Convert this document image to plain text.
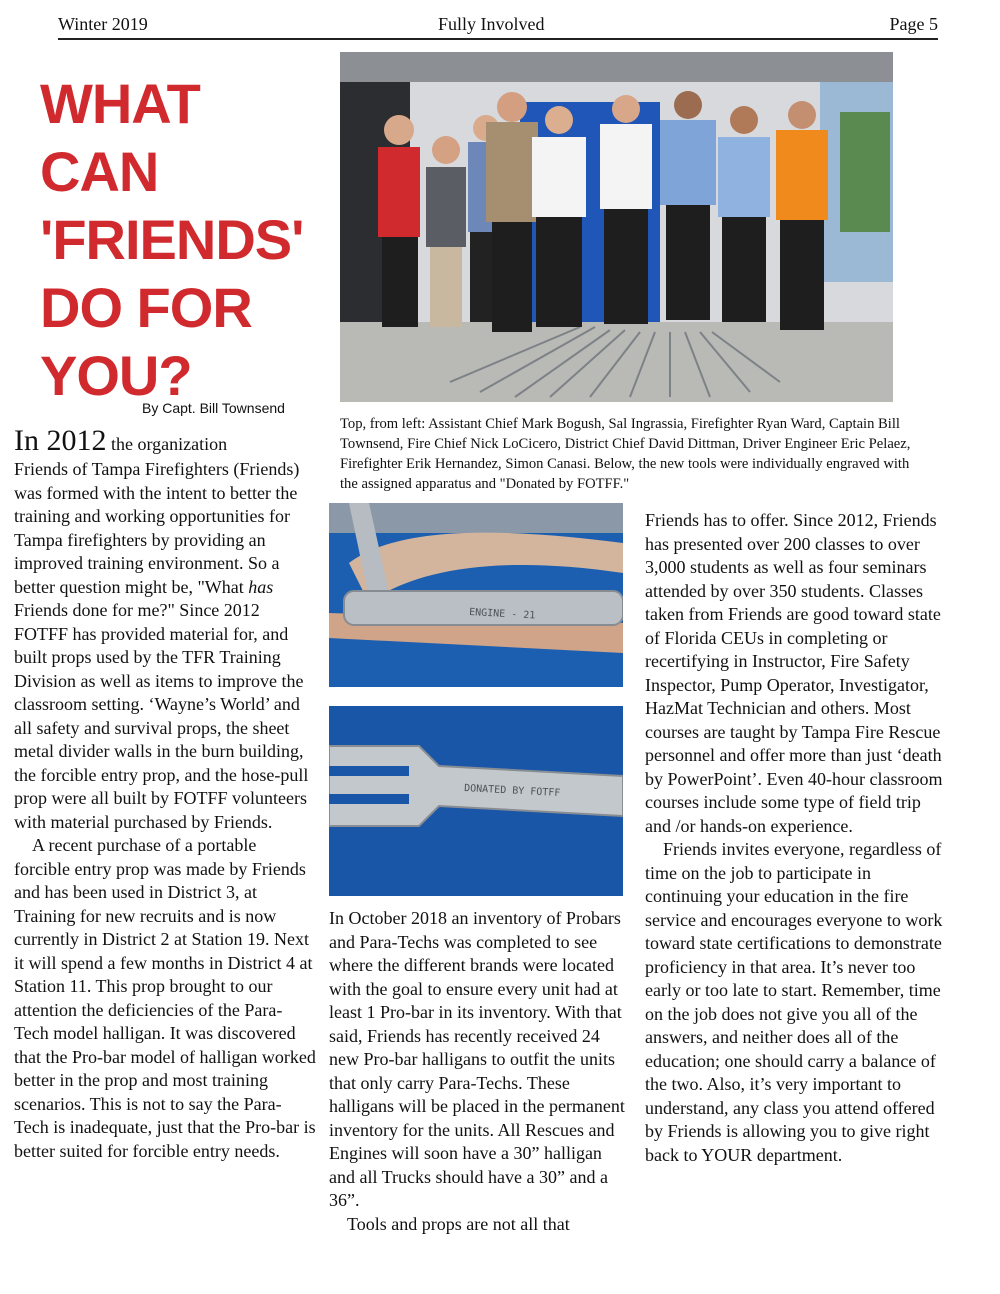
Winter 2019	Fully Involved	Page 5
WHAT
CAN
'FRIENDS'
DO FOR
YOU?
By Capt. Bill Townsend
Top, from left: Assistant Chief Mark Bogush, Sal Ingrassia, Firefighter Ryan Ward, Captain Bill Townsend, Fire Chief Nick LoCicero, District Chief David Dittman, Driver Engineer Eric Pelaez, Firefighter Erik Hernandez, Simon Canasi. Below, the new tools were individually engraved with the assigned apparatus and "Donated by FOTFF."
ENGINE - 21
DONATED BY FOTFF

In 2012 the organization
Friends of Tampa Firefighters (Friends) was formed with the intent to better the training and working opportunities for Tampa firefighters by providing an improved training environment. So a better question might be, "What has Friends done for me?" Since 2012 FOTFF has provided material for, and built props used by the TFR Training Division as well as items to improve the classroom setting. ‘Wayne’s World’ and all safety and survival props, the sheet metal divider walls in the burn building, the forcible entry prop, and the hose-pull prop were all built by FOTFF volunteers with material purchased by Friends.

A recent purchase of a portable forcible entry prop was made by Friends and has been used in District 3, at Training for new recruits and is now currently in District 2 at Station 19. Next it will spend a few months in District 4 at Station 11. This prop brought to our attention the deficiencies of the Para-Tech model halligan. It was discovered that the Pro-bar model of halligan worked better in the prop and most training scenarios. This is not to say the Para-Tech is inadequate, just that the Pro-bar is better suited for forcible entry needs.

In October 2018 an inventory of Probars and Para-Techs was completed to see where the different brands were located with the goal to ensure every unit had at least 1 Pro-bar in its inventory. With that said, Friends has recently received 24 new Pro-bar halligans to outfit the units that only carry Para-Techs. These halligans will be placed in the permanent inventory for the units. All Rescues and Engines will soon have a 30” halligan and all Trucks should have a 30” and a 36”.

Tools and props are not all that

Friends has to offer. Since 2012, Friends has presented over 200 classes to over 3,000 students as well as four seminars attended by over 350 students. Classes taken from Friends are good toward state of Florida CEUs in completing or recertifying in Instructor, Fire Safety Inspector, Pump Operator, Investigator, HazMat Technician and others. Most courses are taught by Tampa Fire Rescue personnel and offer more than just ‘death by PowerPoint’. Even 40-hour classroom courses include some type of field trip and /or hands-on experience.

Friends invites everyone, regardless of time on the job to participate in continuing your education in the fire service and encourages everyone to work toward state certifications to demonstrate proficiency in that area. It’s never too early or too late to start. Remember, time on the job does not give you all of the answers, and neither does all of the education; one should carry a balance of the two. Also, it’s very important to understand, any class you attend offered by Friends is allowing you to give right back to YOUR department.
